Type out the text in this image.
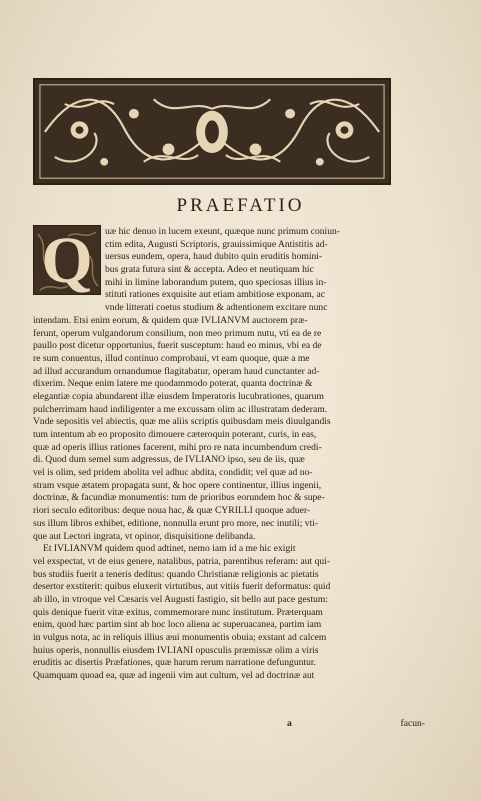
PRAEFATIO
Q	uæ hic denuo in lucem exeunt, quæque nunc primum coniun-
ctim edita, Augusti Scriptoris, grauissimique Antistitis ad-
uersus eundem, opera, haud dubito quin eruditis homini-
bus grata futura sint & accepta. Adeo et neutiquam hic
mihi in limine laborandum putem, quo speciosas illius in-
stituti rationes exquisite aut etiam ambitiose exponam, ac
vnde litterati coetus studium & adtentionem excitare nunc
intendam. Etsi enim eorum, & quidem quæ IVLIANVM auctorem præ-
ferunt, operum vulgandorum consilium, non meo primum nutu, vti ea de re
paullo post dicetur opportunius, fuerit susceptum: haud eo minus, vbi ea de
re sum conuentus, illud continuo comprobaui, vt eam quoque, quæ a me
ad illud accurandum ornandumue flagitabatur, operam haud cunctanter ad-
dixerim. Neque enim latere me quodammodo poterat, quanta doctrinæ &
elegantiæ copia abundarent illæ eiusdem Imperatoris lucubrationes, quarum
pulcherrimam haud indiligenter a me excussam olim ac illustratam dederam.
Vnde sepositis vel abiectis, quæ me aliis scriptis quibusdam meis diuulgandis
tum intentum ab eo proposito dimouere cæteroquin poterant, curis, in eas,
quæ ad operis illius rationes facerent, mihi pro re nata incumbendum credi-
di. Quod dum semel sum adgressus, de IVLIANO ipso, seu de iis, quæ
vel is olim, sed pridem abolita vel adhuc abdita, condidit; vel quæ ad no-
stram vsque ætatem propagata sunt, & hoc opere continentur, illius ingenii,
doctrinæ, & facundiæ monumentis: tum de prioribus eorundem hoc & supe-
riori seculo editoribus: deque noua hac, & quæ CYRILLI quoque aduer-
sus illum libros exhibet, editione, nonnulla erunt pro more, nec inutili; vti-
que aut Lectori ingrata, vt opinor, disquisitione delibanda.
Et IVLIANVM quidem quod adtinet, nemo iam id a me hic exigit
vel exspectat, vt de eius genere, natalibus, patria, parentibus referam: aut qui-
bus studiis fuerit a teneris deditus: quando Christianæ religionis ac pietatis
desertor exstiterit: quibus eluxerit virtutibus, aut vitiis fuerit deformatus: quid
ab illo, in vtroque vel Cæsaris vel Augusti fastigio, sit bello aut pace gestum:
quis denique fuerit vitæ exitus, commemorare nunc institutum. Præterquam
enim, quod hæc partim sint ab hoc loco aliena ac superuacanea, partim iam
in vulgus nota, ac in reliquis illius æui monumentis obuia; exstant ad calcem
huius operis, nonnullis eiusdem IVLIANI opusculis præmissæ olim a viris
eruditis ac disertis Præfationes, quæ harum rerum narratione defunguntur.
Quamquam quoad ea, quæ ad ingenii vim aut cultum, vel ad doctrinæ aut
a	facun-
